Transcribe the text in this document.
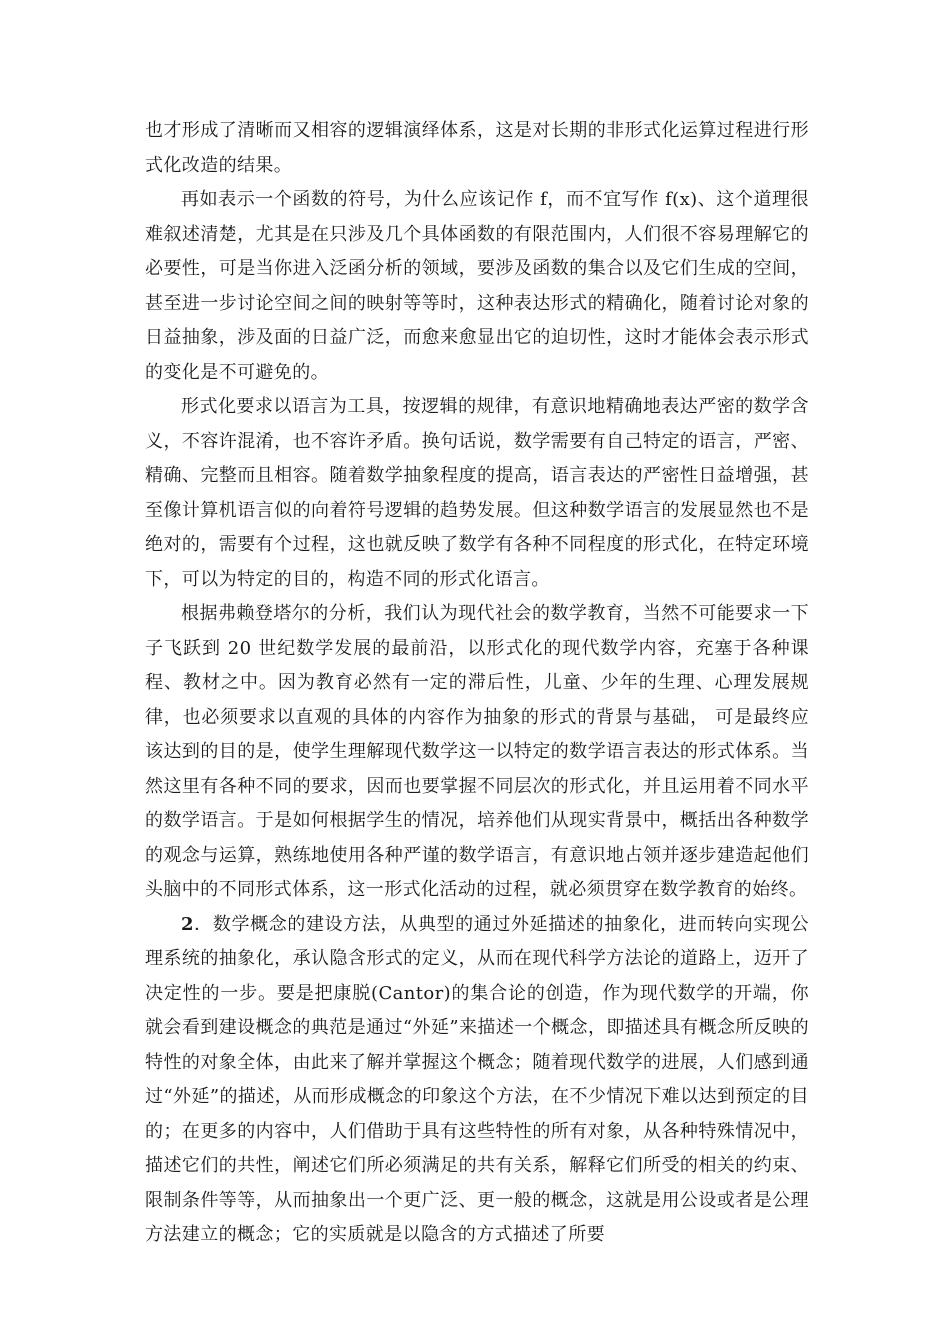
也才形成了清晰而又相容的逻辑演绎体系，这是对长期的非形式化运算过程进行形式化改造的结果。

再如表示一个函数的符号，为什么应该记作 f，而不宜写作 f(x)、这个道理很难叙述清楚，尤其是在只涉及几个具体函数的有限范围内，人们很不容易理解它的必要性，可是当你进入泛函分析的领域，要涉及函数的集合以及它们生成的空间，甚至进一步讨论空间之间的映射等等时，这种表达形式的精确化，随着讨论对象的日益抽象，涉及面的日益广泛，而愈来愈显出它的迫切性，这时才能体会表示形式的变化是不可避免的。

形式化要求以语言为工具，按逻辑的规律，有意识地精确地表达严密的数学含义，不容许混淆，也不容许矛盾。换句话说，数学需要有自己特定的语言，严密、精确、完整而且相容。随着数学抽象程度的提高，语言表达的严密性日益增强，甚至像计算机语言似的向着符号逻辑的趋势发展。但这种数学语言的发展显然也不是绝对的，需要有个过程，这也就反映了数学有各种不同程度的形式化，在特定环境下，可以为特定的目的，构造不同的形式化语言。

根据弗赖登塔尔的分析，我们认为现代社会的数学教育，当然不可能要求一下子飞跃到 20 世纪数学发展的最前沿，以形式化的现代数学内容，充塞于各种课程、教材之中。因为教育必然有一定的滞后性，儿童、少年的生理、心理发展规律，也必须要求以直观的具体的内容作为抽象的形式的背景与基础， 可是最终应该达到的目的是，使学生理解现代数学这一以特定的数学语言表达的形式体系。当然这里有各种不同的要求，因而也要掌握不同层次的形式化，并且运用着不同水平的数学语言。于是如何根据学生的情况，培养他们从现实背景中，概括出各种数学的观念与运算，熟练地使用各种严谨的数学语言，有意识地占领并逐步建造起他们头脑中的不同形式体系，这一形式化活动的过程，就必须贯穿在数学教育的始终。

2．数学概念的建设方法，从典型的通过外延描述的抽象化，进而转向实现公理系统的抽象化，承认隐含形式的定义，从而在现代科学方法论的道路上，迈开了决定性的一步。要是把康脱(Cantor)的集合论的创造，作为现代数学的开端，你就会看到建设概念的典范是通过“外延”来描述一个概念，即描述具有概念所反映的特性的对象全体，由此来了解并掌握这个概念；随着现代数学的进展，人们感到通过“外延”的描述，从而形成概念的印象这个方法，在不少情况下难以达到预定的目的；在更多的内容中，人们借助于具有这些特性的所有对象，从各种特殊情况中，描述它们的共性，阐述它们所必须满足的共有关系，解释它们所受的相关的约束、限制条件等等，从而抽象出一个更广泛、更一般的概念，这就是用公设或者是公理方法建立的概念；它的实质就是以隐含的方式描述了所要
